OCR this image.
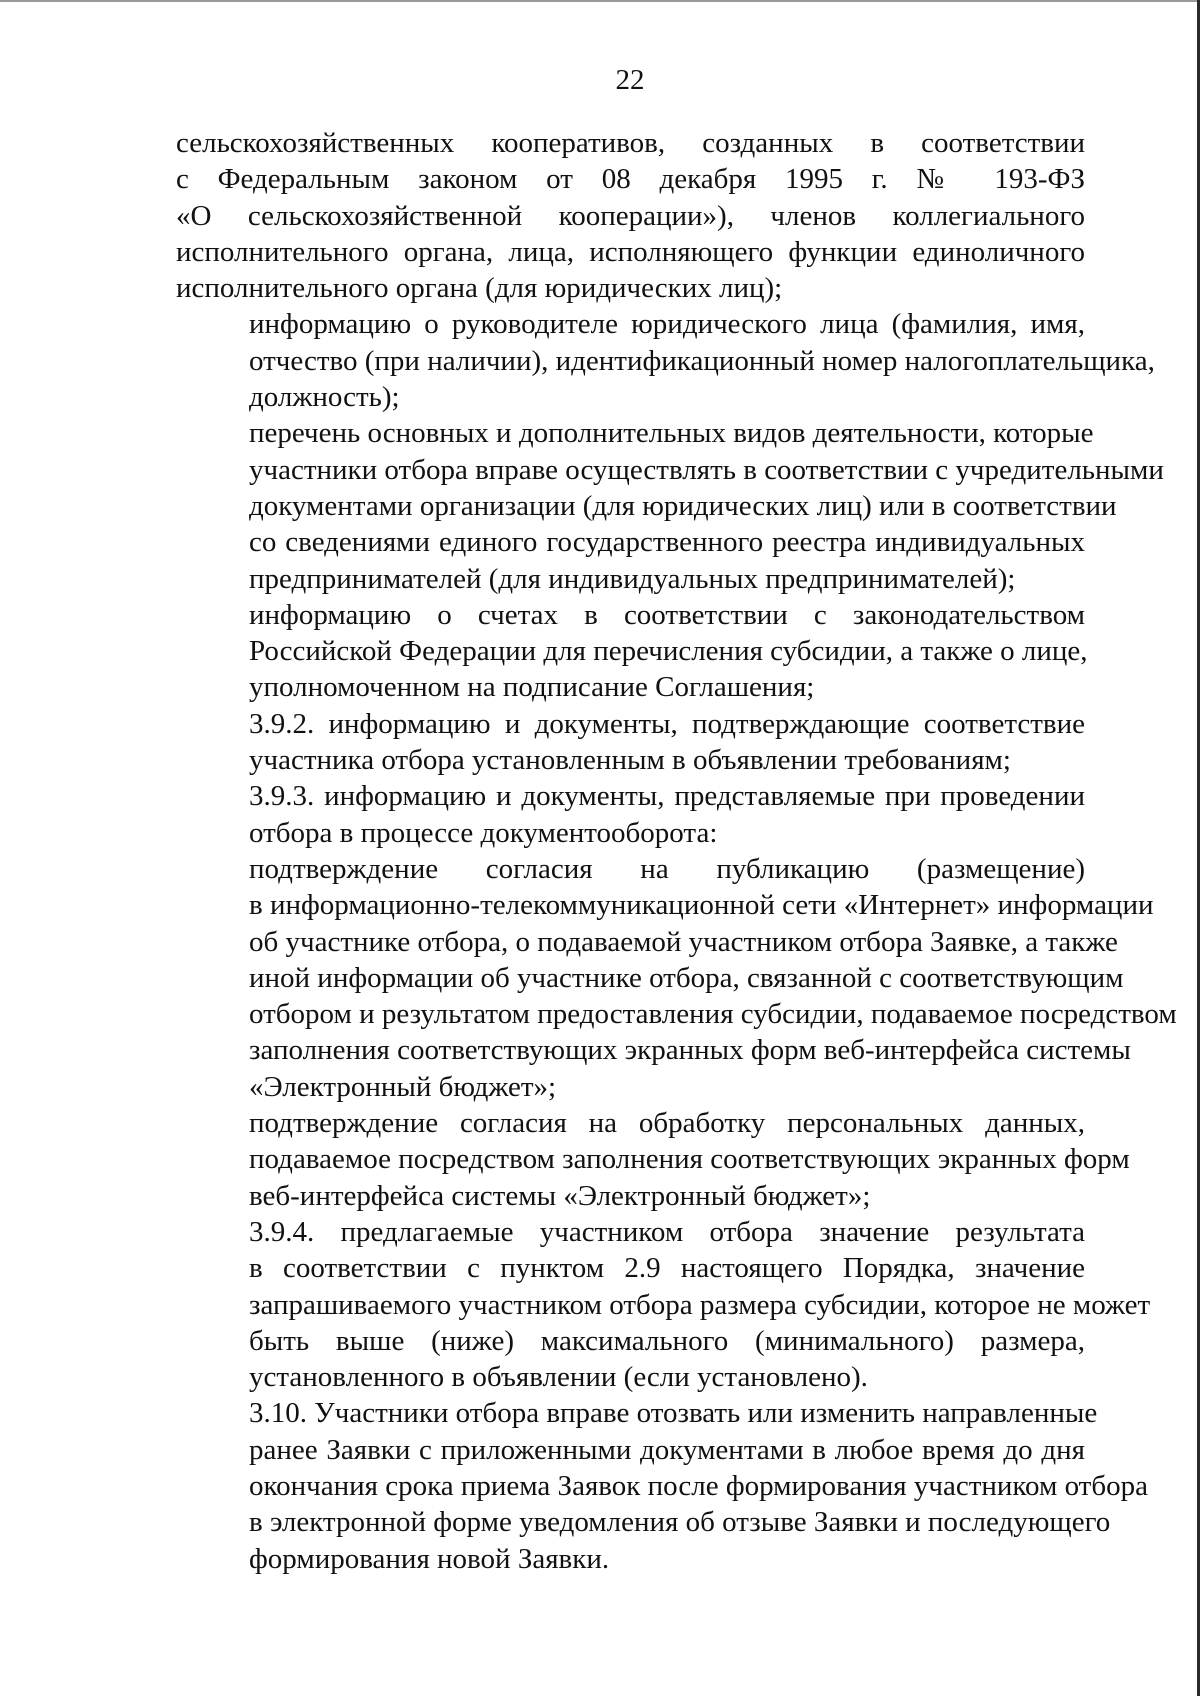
22

сельскохозяйственных кооперативов, созданных в соответствии
с Федеральным законом от 08 декабря 1995 г. № 193-ФЗ
«О сельскохозяйственной кооперации»), членов коллегиального
исполнительного органа, лица, исполняющего функции единоличного
исполнительного органа (для юридических лиц);

информацию о руководителе юридического лица (фамилия, имя,
отчество (при наличии), идентификационный номер налогоплательщика,
должность);

перечень основных и дополнительных видов деятельности, которые
участники отбора вправе осуществлять в соответствии с учредительными
документами организации (для юридических лиц) или в соответствии
со сведениями единого государственного реестра индивидуальных
предпринимателей (для индивидуальных предпринимателей);

информацию о счетах в соответствии с законодательством
Российской Федерации для перечисления субсидии, а также о лице,
уполномоченном на подписание Соглашения;

3.9.2. информацию и документы, подтверждающие соответствие
участника отбора установленным в объявлении требованиям;

3.9.3. информацию и документы, представляемые при проведении
отбора в процессе документооборота:

подтверждение согласия на публикацию (размещение)
в информационно-телекоммуникационной сети «Интернет» информации
об участнике отбора, о подаваемой участником отбора Заявке, а также
иной информации об участнике отбора, связанной с соответствующим
отбором и результатом предоставления субсидии, подаваемое посредством
заполнения соответствующих экранных форм веб-интерфейса системы
«Электронный бюджет»;

подтверждение согласия на обработку персональных данных,
подаваемое посредством заполнения соответствующих экранных форм
веб-интерфейса системы «Электронный бюджет»;

3.9.4. предлагаемые участником отбора значение результата
в соответствии с пунктом 2.9 настоящего Порядка, значение
запрашиваемого участником отбора размера субсидии, которое не может
быть выше (ниже) максимального (минимального) размера,
установленного в объявлении (если установлено).

3.10. Участники отбора вправе отозвать или изменить направленные
ранее Заявки с приложенными документами в любое время до дня
окончания срока приема Заявок после формирования участником отбора
в электронной форме уведомления об отзыве Заявки и последующего
формирования новой Заявки.
